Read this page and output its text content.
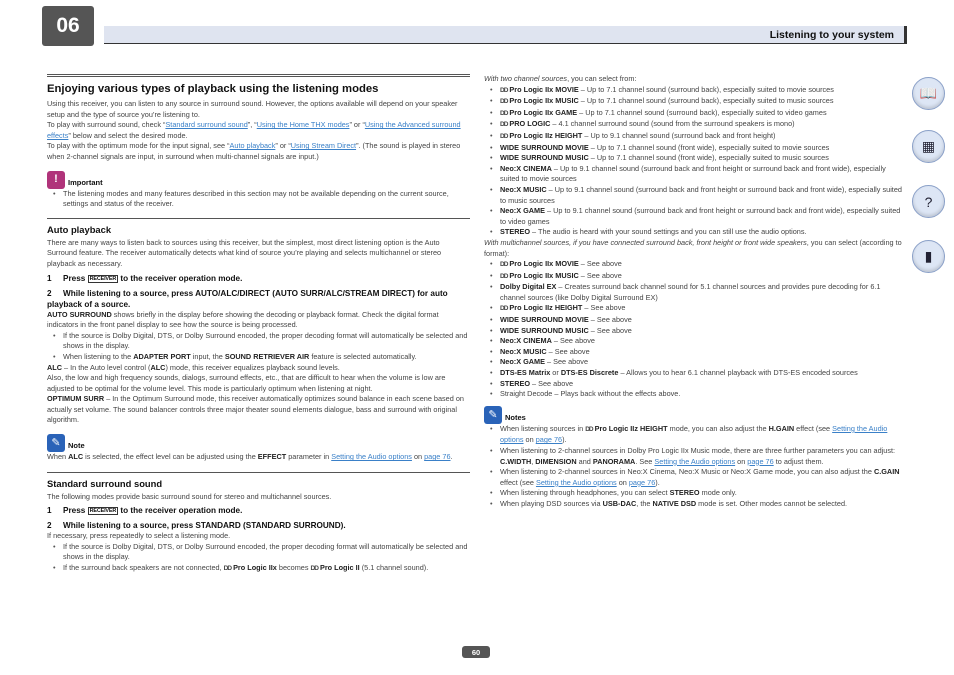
06	Listening to your system
Enjoying various types of playback using the listening modes

Using this receiver, you can listen to any source in surround sound. However, the options available will depend on your speaker setup and the type of source you’re listening to.

To play with surround sound, check “Standard surround sound”, “Using the Home THX modes” or “Using the Advanced surround effects” below and select the desired mode.

To play with the optimum mode for the input signal, see “Auto playback” or “Using Stream Direct”. (The sound is played in stereo when 2-channel signals are input, in surround when multi-channel signals are input.)

!	Important
• The listening modes and many features described in this section may not be available depending on the current source, settings and status of the receiver.
Auto playback

There are many ways to listen back to sources using this receiver, but the simplest, most direct listening option is the Auto Surround feature. The receiver automatically detects what kind of source you’re playing and selects multichannel or stereo playback as necessary.

1 Press RECEIVER to the receiver operation mode.
2 While listening to a source, press AUTO/ALC/DIRECT (AUTO SURR/ALC/STREAM DIRECT) for auto playback of a source.

AUTO SURROUND shows briefly in the display before showing the decoding or playback format. Check the digital format indicators in the front panel display to see how the source is being processed.

• If the source is Dolby Digital, DTS, or Dolby Surround encoded, the proper decoding format will automatically be selected and shows in the display.
• When listening to the ADAPTER PORT input, the SOUND RETRIEVER AIR feature is selected automatically.

ALC – In the Auto level control (ALC) mode, this receiver equalizes playback sound levels.

Also, the low and high frequency sounds, dialogs, surround effects, etc., that are difficult to hear when the volume is low are adjusted to be optimal for the volume level. This mode is particularly optimum when listening at night.

OPTIMUM SURR – In the Optimum Surround mode, this receiver automatically optimizes sound balance in each scene based on actually set volume. The sound balancer controls three major theater sound elements dialogue, bass and surround with original algorithm.

✎ Note

When ALC is selected, the effect level can be adjusted using the EFFECT parameter in Setting the Audio options on page 76.

Standard surround sound

The following modes provide basic surround sound for stereo and multichannel sources.

1 Press RECEIVER to the receiver operation mode.
2 While listening to a source, press STANDARD (STANDARD SURROUND).

If necessary, press repeatedly to select a listening mode.

• If the source is Dolby Digital, DTS, or Dolby Surround encoded, the proper decoding format will automatically be selected and shows in the display.
• If the surround back speakers are not connected, DD Pro Logic IIx becomes DD Pro Logic II (5.1 channel sound).

With two channel sources, you can select from:

• DD Pro Logic IIx MOVIE – Up to 7.1 channel sound (surround back), especially suited to movie sources
• DD Pro Logic IIx MUSIC – Up to 7.1 channel sound (surround back), especially suited to music sources
• DD Pro Logic IIx GAME – Up to 7.1 channel sound (surround back), especially suited to video games
• DD PRO LOGIC – 4.1 channel surround sound (sound from the surround speakers is mono)
• DD Pro Logic IIz HEIGHT – Up to 9.1 channel sound (surround back and front height)
• WIDE SURROUND MOVIE – Up to 7.1 channel sound (front wide), especially suited to movie sources
• WIDE SURROUND MUSIC – Up to 7.1 channel sound (front wide), especially suited to music sources
• Neo:X CINEMA – Up to 9.1 channel sound (surround back and front height or surround back and front wide), especially suited to movie sources
• Neo:X MUSIC – Up to 9.1 channel sound (surround back and front height or surround back and front wide), especially suited to music sources
• Neo:X GAME – Up to 9.1 channel sound (surround back and front height or surround back and front wide), especially suited to video games
• STEREO – The audio is heard with your sound settings and you can still use the audio options.

With multichannel sources, if you have connected surround back, front height or front wide speakers, you can select (according to format):

• DD Pro Logic IIx MOVIE – See above
• DD Pro Logic IIx MUSIC – See above
• Dolby Digital EX – Creates surround back channel sound for 5.1 channel sources and provides pure decoding for 6.1 channel sources (like Dolby Digital Surround EX)
• DD Pro Logic IIz HEIGHT – See above
• WIDE SURROUND MOVIE – See above
• WIDE SURROUND MUSIC – See above
• Neo:X CINEMA – See above
• Neo:X MUSIC – See above
• Neo:X GAME – See above
• DTS-ES Matrix or DTS-ES Discrete – Allows you to hear 6.1 channel playback with DTS-ES encoded sources
• STEREO – See above
• Straight Decode – Plays back without the effects above.
✎ Notes
• When listening sources in DD Pro Logic IIz HEIGHT mode, you can also adjust the H.GAIN effect (see Setting the Audio options on page 76).
• When listening to 2-channel sources in Dolby Pro Logic IIx Music mode, there are three further parameters you can adjust: C.WIDTH, DIMENSION and PANORAMA. See Setting the Audio options on page 76 to adjust them.
• When listening to 2-channel sources in Neo:X Cinema, Neo:X Music or Neo:X Game mode, you can also adjust the C.GAIN effect (see Setting the Audio options on page 76).
• When listening through headphones, you can select STEREO mode only.
• When playing DSD sources via USB-DAC, the NATIVE DSD mode is set. Other modes cannot be selected.
📖
▦
?
▮
60
